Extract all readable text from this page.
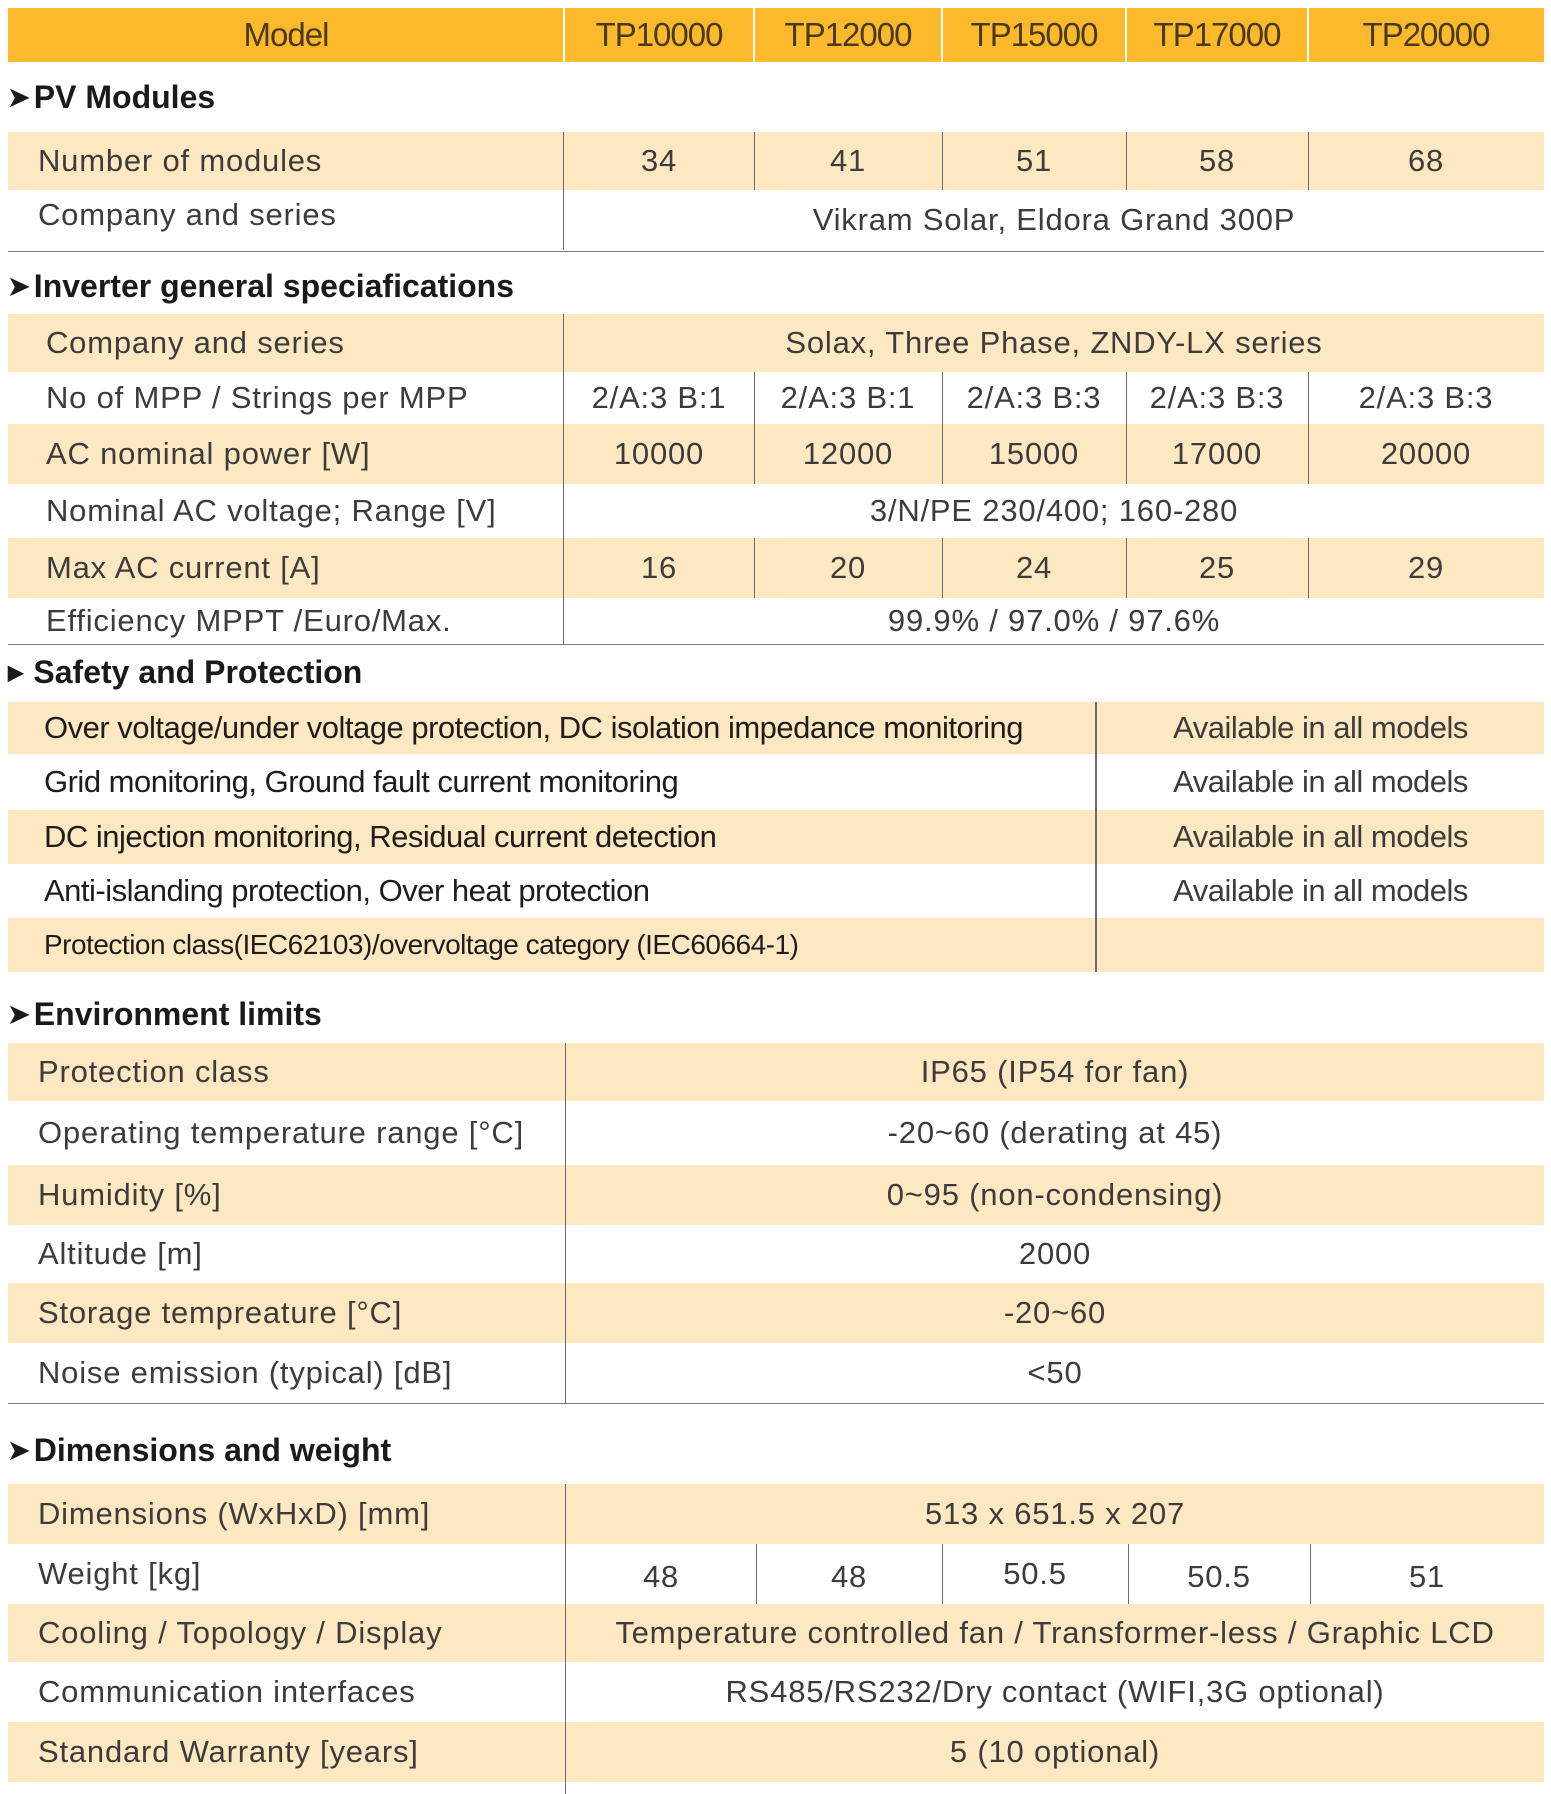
Model	TP10000	TP12000	TP15000	TP17000	TP20000
➤ PV Modules
Number of modules	34	41	51	58	68
Company and series	Vikram Solar, Eldora Grand 300P
➤ Inverter general speciafications
Company and series	Solax, Three Phase, ZNDY-LX series
No of MPP / Strings per MPP	2/A:3 B:1	2/A:3 B:1	2/A:3 B:3	2/A:3 B:3	2/A:3 B:3
AC nominal power [W]	10000	12000	15000	17000	20000
Nominal AC voltage; Range [V]	3/N/PE 230/400; 160-280
Max AC current [A]	16	20	24	25	29
Efficiency MPPT /Euro/Max.	99.9% / 97.0% / 97.6%
▶ Safety and Protection
Over voltage/under voltage protection, DC isolation impedance monitoring	Available in all models
Grid monitoring, Ground fault current monitoring	Available in all models
DC injection monitoring, Residual current detection	Available in all models
Anti-islanding protection, Over heat protection	Available in all models
Protection class(IEC62103)/overvoltage category (IEC60664-1)
➤ Environment limits
Protection class	IP65 (IP54 for fan)
Operating temperature range [°C]	-20~60 (derating at 45)
Humidity [%]	0~95 (non-condensing)
Altitude [m]	2000
Storage tempreature [°C]	-20~60
Noise emission (typical) [dB]	<50
➤ Dimensions and weight
Dimensions (WxHxD) [mm]	513 x 651.5 x 207
Weight [kg]	48	48	50.5	50.5	51
Cooling / Topology / Display	Temperature controlled fan / Transformer-less / Graphic LCD
Communication interfaces	RS485/RS232/Dry contact (WIFI,3G optional)
Standard Warranty [years]	5 (10 optional)
